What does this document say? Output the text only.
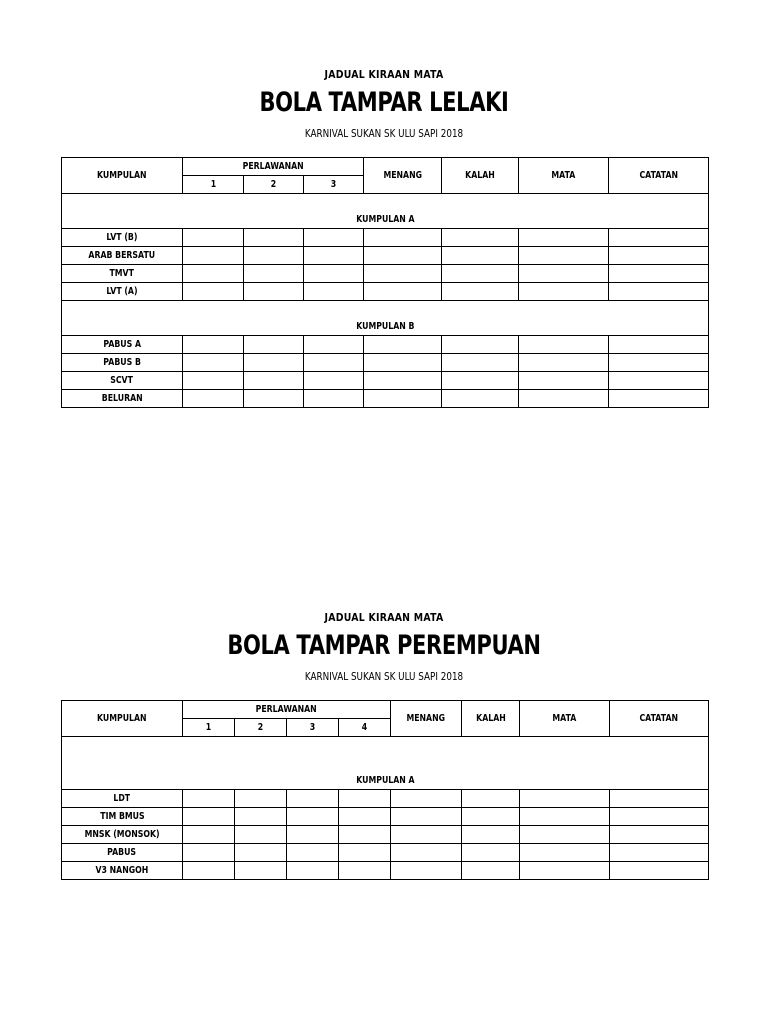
JADUAL KIRAAN MATA
BOLA TAMPAR LELAKI
KARNIVAL SUKAN SK ULU SAPI 2018
KUMPULAN	PERLAWANAN			MENANG	KALAH	MATA	CATATAN
	1	2	3				
KUMPULAN A							
LVT (B)							
ARAB BERSATU							
TMVT							
LVT (A)							
KUMPULAN B							
PABUS A							
PABUS B							
SCVT							
BELURAN							
JADUAL KIRAAN MATA
BOLA TAMPAR PEREMPUAN
KARNIVAL SUKAN SK ULU SAPI 2018
KUMPULAN	PERLAWANAN				MENANG	KALAH	MATA	CATATAN
	1	2	3	4				
KUMPULAN A								
LDT								
TIM BMUS								
MNSK (MONSOK)								
PABUS								
V3 NANGOH								
